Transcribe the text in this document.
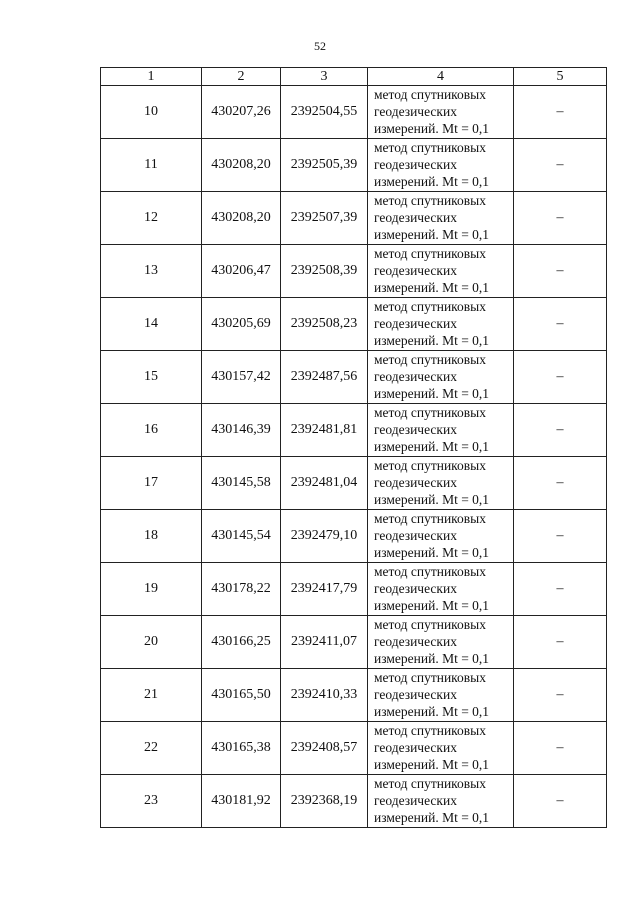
52
1	2	3	4	5
10	430207,26	2392504,55	метод спутниковых
геодезических
измерений. Mt = 0,1	–
11	430208,20	2392505,39	метод спутниковых
геодезических
измерений. Mt = 0,1	–
12	430208,20	2392507,39	метод спутниковых
геодезических
измерений. Mt = 0,1	–
13	430206,47	2392508,39	метод спутниковых
геодезических
измерений. Mt = 0,1	–
14	430205,69	2392508,23	метод спутниковых
геодезических
измерений. Mt = 0,1	–
15	430157,42	2392487,56	метод спутниковых
геодезических
измерений. Mt = 0,1	–
16	430146,39	2392481,81	метод спутниковых
геодезических
измерений. Mt = 0,1	–
17	430145,58	2392481,04	метод спутниковых
геодезических
измерений. Mt = 0,1	–
18	430145,54	2392479,10	метод спутниковых
геодезических
измерений. Mt = 0,1	–
19	430178,22	2392417,79	метод спутниковых
геодезических
измерений. Mt = 0,1	–
20	430166,25	2392411,07	метод спутниковых
геодезических
измерений. Mt = 0,1	–
21	430165,50	2392410,33	метод спутниковых
геодезических
измерений. Mt = 0,1	–
22	430165,38	2392408,57	метод спутниковых
геодезических
измерений. Mt = 0,1	–
23	430181,92	2392368,19	метод спутниковых
геодезических
измерений. Mt = 0,1	–
